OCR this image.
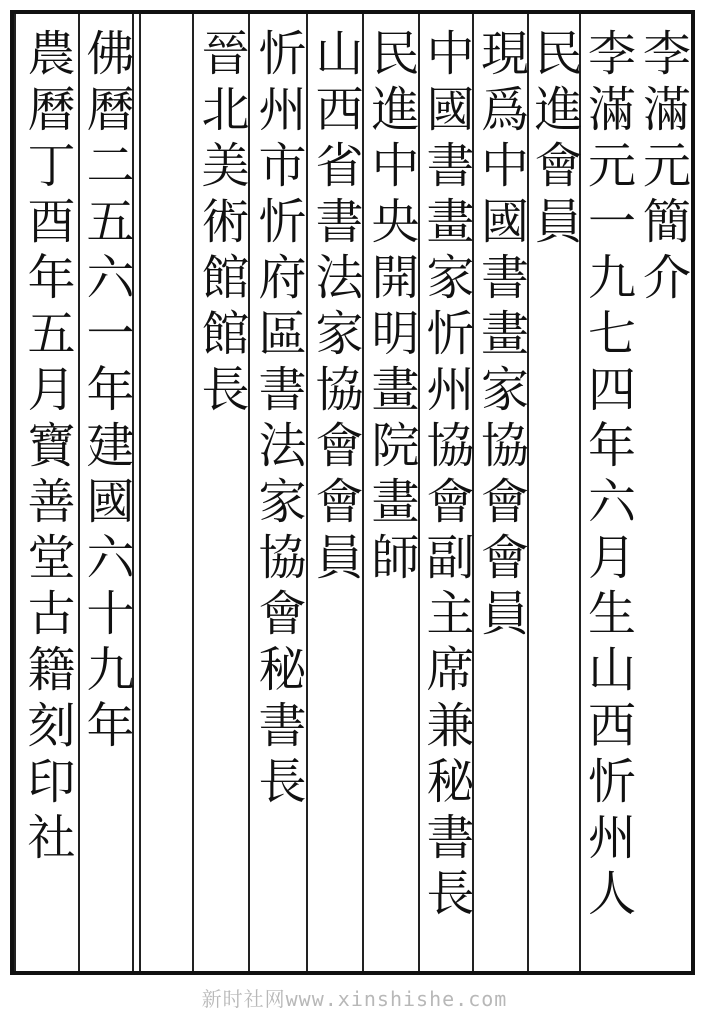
李滿元簡介
李滿元一九七四年六月生山西忻州人
民進會員
現爲中國書畫家協會會員
中國書畫家忻州協會副主席兼秘書長
民進中央開明畫院畫師
山西省書法家協會會員
忻州市忻府區書法家協會秘書長
晉北美術館館長
佛曆二五六一年建國六十九年
農曆丁酉年五月寶善堂古籍刻印社
新时社网www.xinshishe.com
